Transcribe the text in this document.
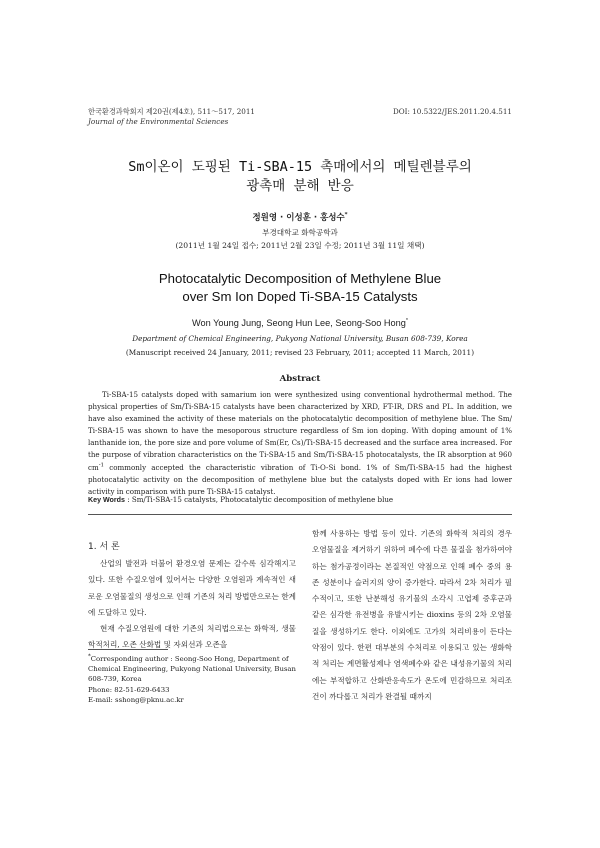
한국환경과학회지 제20권(제4호), 511～517, 2011
Journal of the Environmental Sciences
DOI: 10.5322/JES.2011.20.4.511
Sm이온이 도핑된 Ti-SBA-15 촉매에서의 메틸렌블루의
광촉매 분해 반응
정원영 · 이성훈 · 홍성수*
부경대학교 화학공학과
(2011년 1월 24일 접수; 2011년 2월 23일 수정; 2011년 3월 11일 채택)
Photocatalytic Decomposition of Methylene Blue
over Sm Ion Doped Ti-SBA-15 Catalysts
Won Young Jung, Seong Hun Lee, Seong-Soo Hong*
Department of Chemical Engineering, Pukyong National University, Busan 608-739, Korea
(Manuscript received 24 January, 2011; revised 23 February, 2011; accepted 11 March, 2011)
Abstract
Ti-SBA-15 catalysts doped with samarium ion were synthesized using conventional hydrothermal method. The physical properties of Sm/Ti-SBA-15 catalysts have been characterized by XRD, FT-IR, DRS and PL. In addition, we have also examined the activity of these materials on the photocatalytic decomposition of methylene blue. The Sm/ Ti-SBA-15 was shown to have the mesoporous structure regardless of Sm ion doping. With doping amount of 1% lanthanide ion, the pore size and pore volume of Sm(Er, Cs)/Ti-SBA-15 decreased and the surface area increased. For the purpose of vibration characteristics on the Ti-SBA-15 and Sm/Ti-SBA-15 photocatalysts, the IR absorption at 960 $cm^{-1}$ commonly accepted the characteristic vibration of Ti-O-Si bond. 1% of Sm/Ti-SBA-15 had the highest photocatalytic activity on the decomposition of methylene blue but the catalysts doped with Er ions had lower activity in comparison with pure Ti-SBA-15 catalyst.
Key Words : Sm/Ti-SBA-15 catalysts, Photocatalytic decomposition of methylene blue
1. 서 론

산업의 발전과 더불어 환경오염 문제는 갈수록 심각해지고 있다. 또한 수질오염에 있어서는 다양한 오염원과 계속적인 새로운 오염물질의 생성으로 인해 기존의 처리 방법만으로는 한계에 도달하고 있다.

현재 수질오염원에 대한 기존의 처리법으로는 화학적, 생물학적처리, 오존 산화법 및 자외선과 오존을

함께 사용하는 방법 등이 있다. 기존의 화학적 처리의 경우 오염물질을 제거하기 위하여 폐수에 다른 물질을 첨가하여야 하는 첨가공정이라는 본질적인 약점으로 인해 폐수 중의 용존 성분이나 슬러지의 양이 증가한다. 따라서 2차 처리가 필수적이고, 또한 난분해성 유기물의 소각시 고엽제 증후군과 같은 심각한 유전병을 유발시키는 dioxins 등의 2차 오염물질을 생성하기도 한다. 이외에도 고가의 처리비용이 든다는 약점이 있다. 한편 대부분의 수처리로 이용되고 있는 생화학적 처리는 계면활성제나 염색폐수와 같은 내성유기물의 처리에는 부적합하고 산화반응속도가 온도에 민감하므로 처리조건이 까다롭고 처리가 완결될 때까지

*Corresponding author : Seong-Soo Hong, Department of Chemical Engineering, Pukyong National University, Busan 608-739, Korea
Phone: 82-51-629-6433
E-mail: sshong@pknu.ac.kr
